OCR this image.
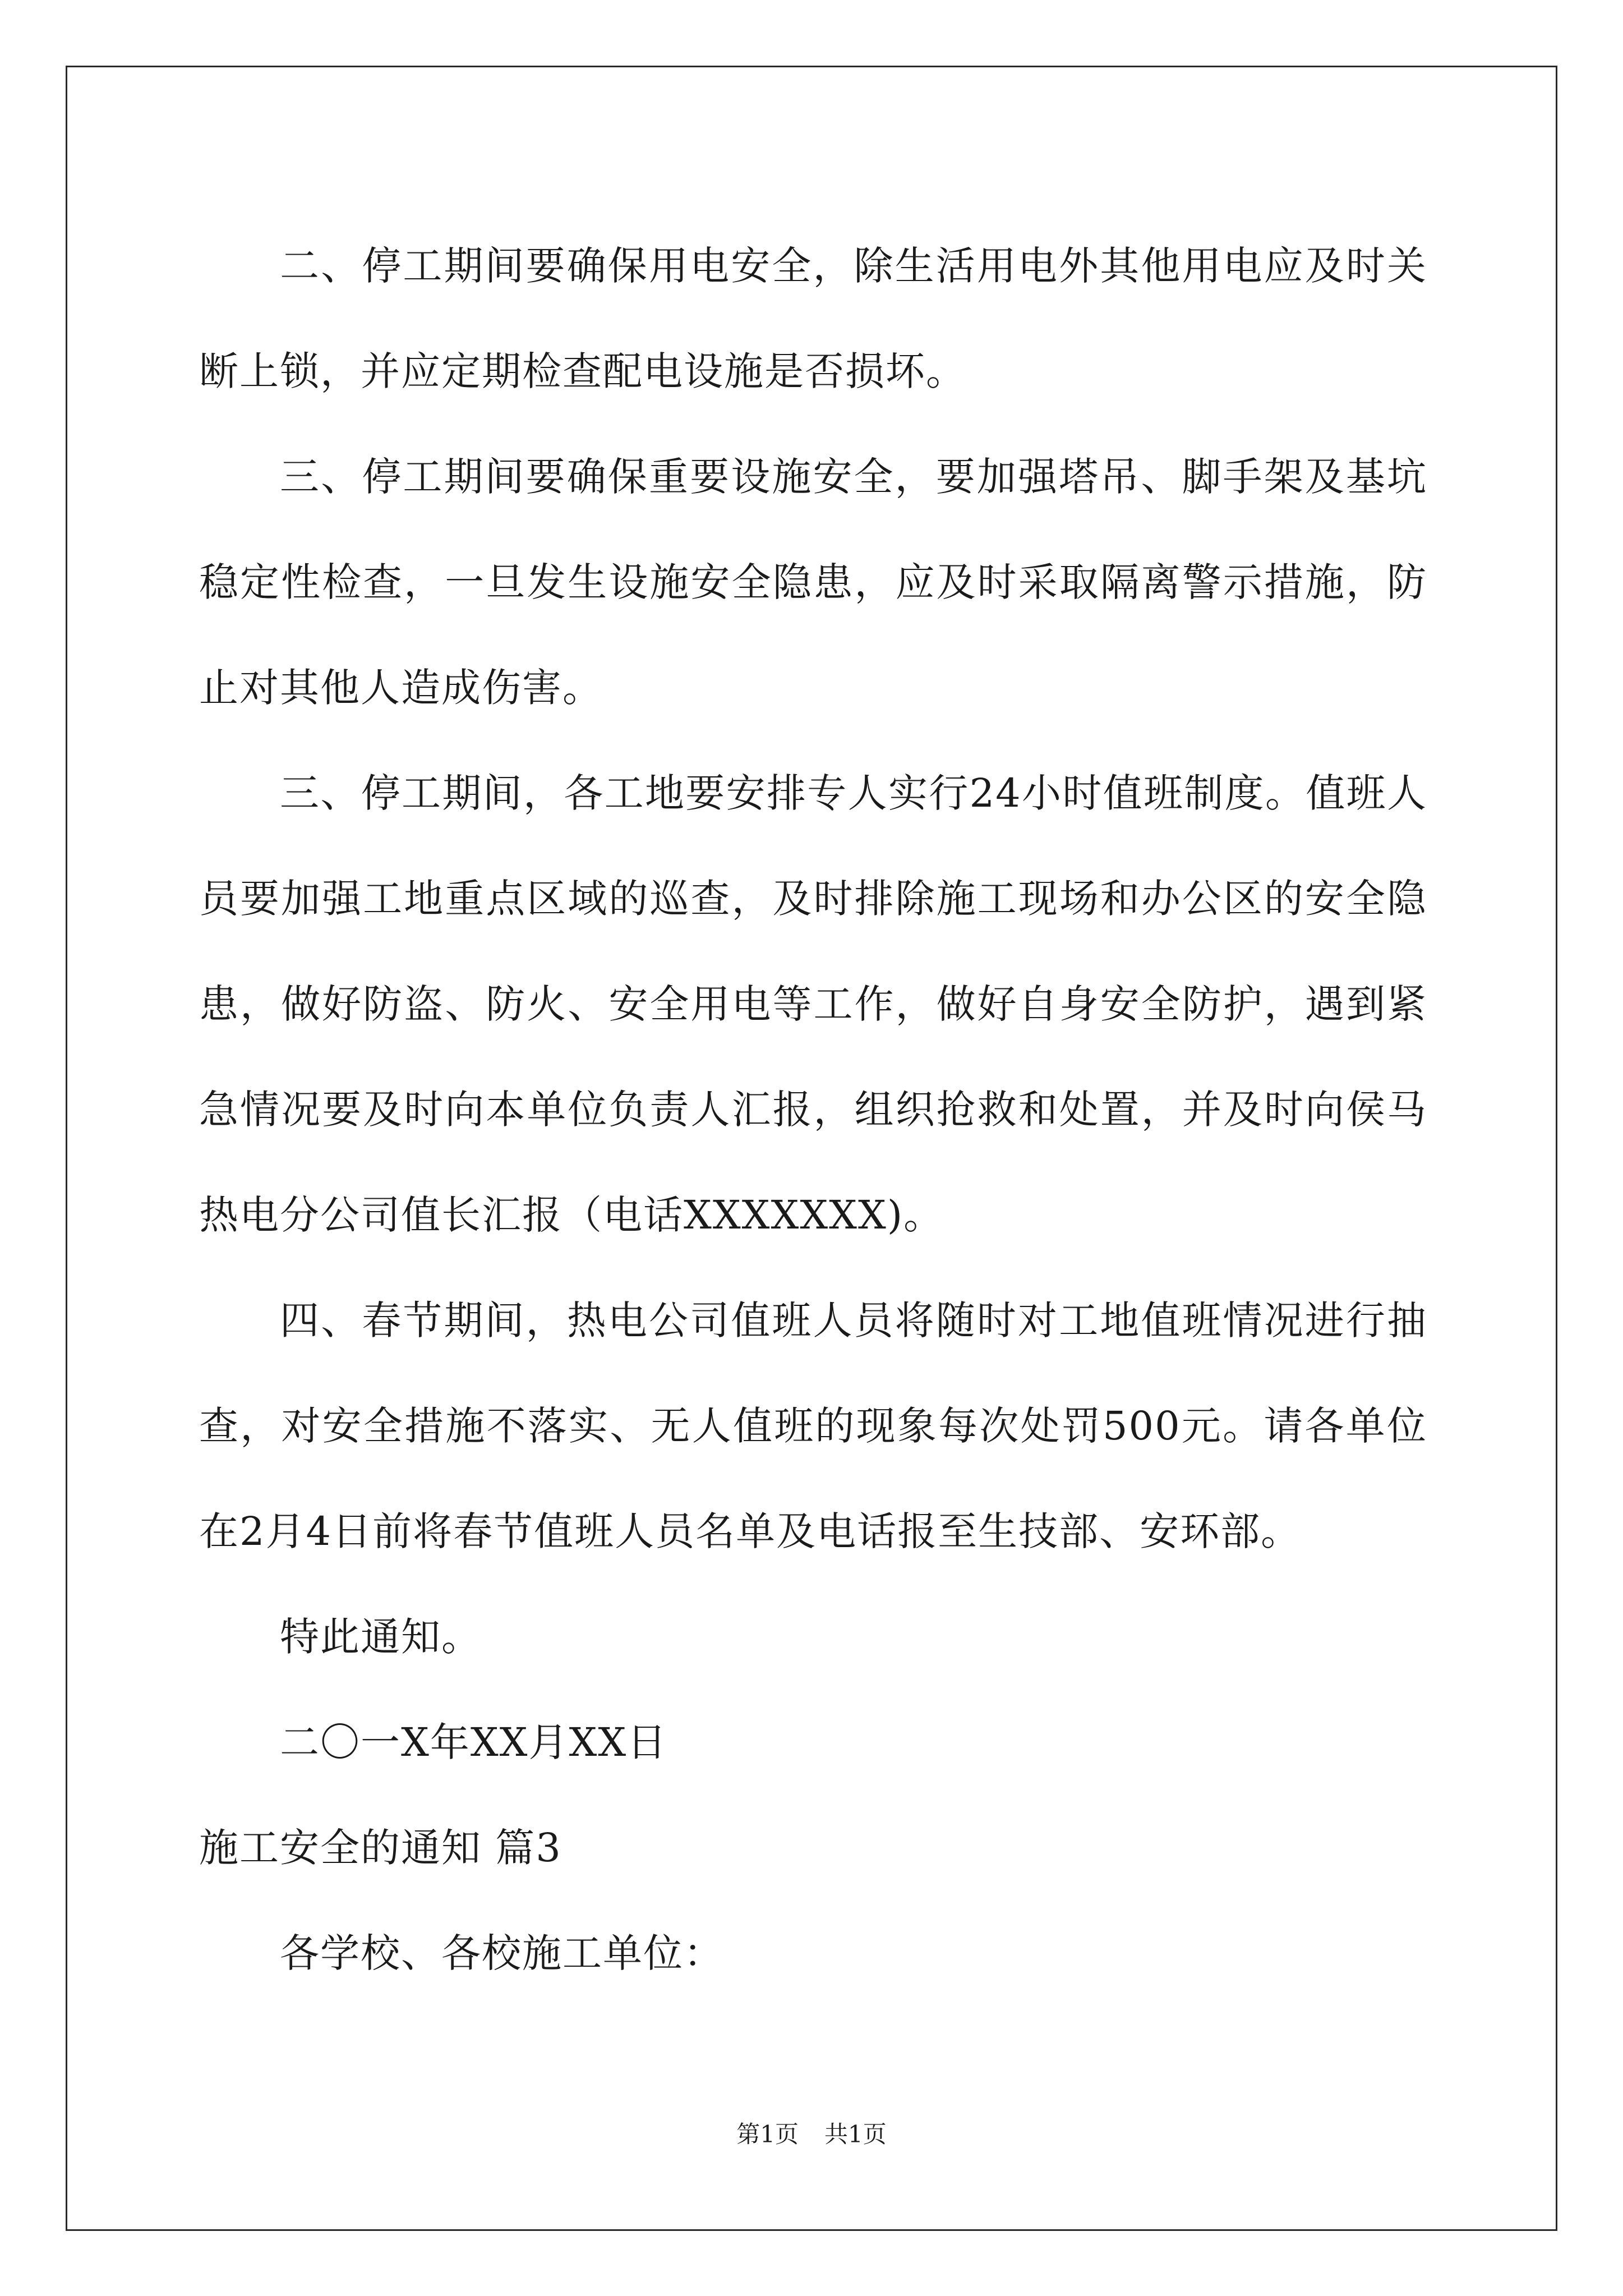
二、停工期间要确保用电安全，除生活用电外其他用电应及时关断上锁，并应定期检查配电设施是否损坏。

三、停工期间要确保重要设施安全，要加强塔吊、脚手架及基坑稳定性检查，一旦发生设施安全隐患，应及时采取隔离警示措施，防止对其他人造成伤害。

三、停工期间，各工地要安排专人实行24小时值班制度。值班人员要加强工地重点区域的巡查，及时排除施工现场和办公区的安全隐患，做好防盗、防火、安全用电等工作，做好自身安全防护，遇到紧急情况要及时向本单位负责人汇报，组织抢救和处置，并及时向侯马热电分公司值长汇报（电话XXXXXXX)。

四、春节期间，热电公司值班人员将随时对工地值班情况进行抽查，对安全措施不落实、无人值班的现象每次处罚500元。请各单位在2月4日前将春节值班人员名单及电话报至生技部、安环部。

特此通知。

二〇一X年XX月XX日

施工安全的通知 篇3

各学校、各校施工单位：

第1页 共1页
